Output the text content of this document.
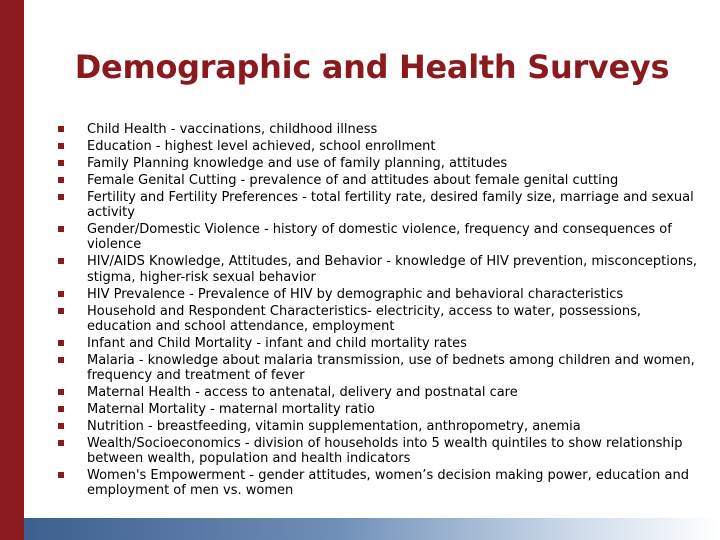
Demographic and Health Surveys
Child Health - vaccinations, childhood illness
Education - highest level achieved, school enrollment
Family Planning knowledge and use of family planning, attitudes
Female Genital Cutting - prevalence of and attitudes about female genital cutting
Fertility and Fertility Preferences - total fertility rate, desired family size, marriage and sexual activity
Gender/Domestic Violence - history of domestic violence, frequency and consequences of violence
HIV/AIDS Knowledge, Attitudes, and Behavior - knowledge of HIV prevention, misconceptions, stigma, higher-risk sexual behavior
HIV Prevalence - Prevalence of HIV by demographic and behavioral characteristics
Household and Respondent Characteristics- electricity, access to water, possessions, education and school attendance, employment
Infant and Child Mortality - infant and child mortality rates
Malaria - knowledge about malaria transmission, use of bednets among children and women, frequency and treatment of fever
Maternal Health - access to antenatal, delivery and postnatal care
Maternal Mortality - maternal mortality ratio
Nutrition - breastfeeding, vitamin supplementation, anthropometry, anemia
Wealth/Socioeconomics - division of households into 5 wealth quintiles to show relationship between wealth, population and health indicators
Women's Empowerment - gender attitudes, women’s decision making power, education and employment of men vs. women
